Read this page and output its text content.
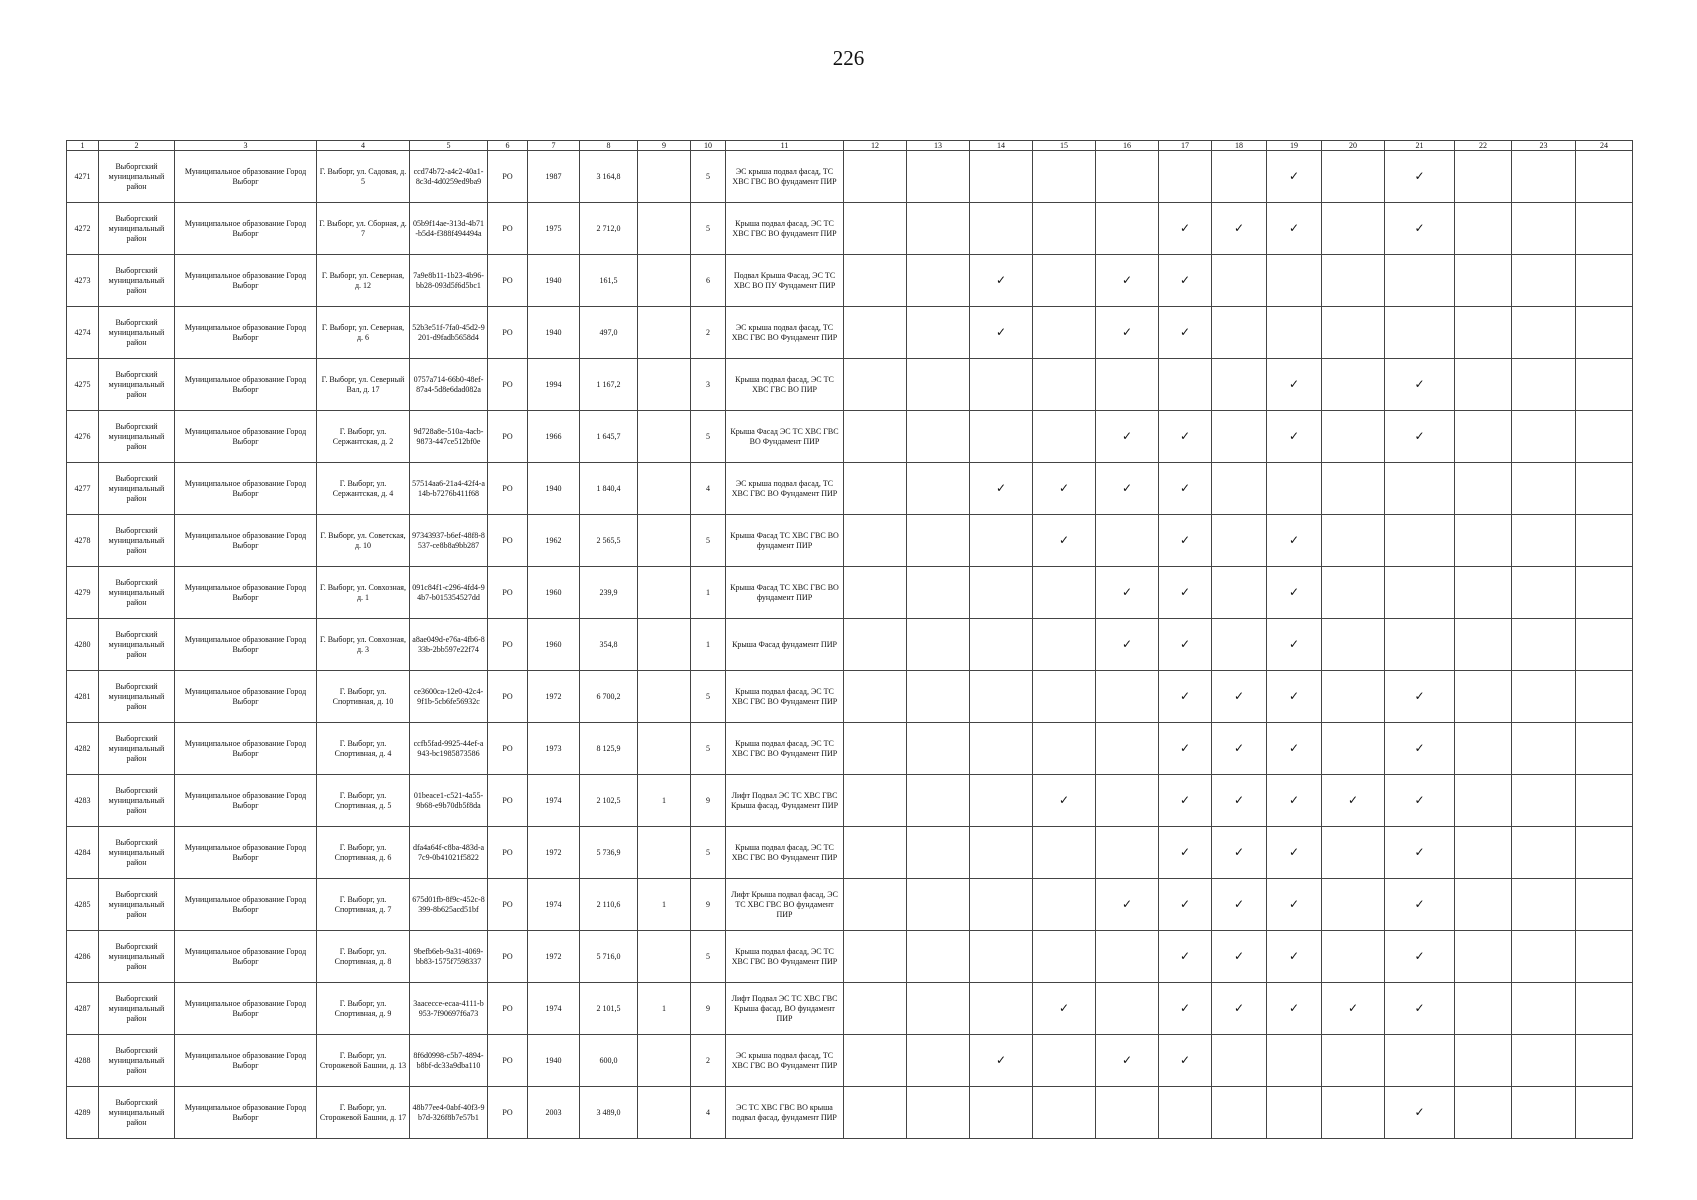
226
1	2	3	4	5	6	7	8	9	10	11	12	13	14	15	16	17	18	19	20	21	22	23	24
4271	Выборгский муниципальный район	Муниципальное образование Город Выборг	Г. Выборг, ул. Садовая, д. 5	ccd74b72-a4c2-40a1-8c3d-4d0259ed9ba9	РО	1987	3 164,8		5	ЭС крыша подвал фасад, ТС ХВС ГВС ВО фундамент ПИР								✓		✓			
4272	Выборгский муниципальный район	Муниципальное образование Город Выборг	Г. Выборг, ул. Сборная, д. 7	05b9f14ae-313d-4b71-b5d4-f388f494494a	РО	1975	2 712,0		5	Крыша подвал фасад, ЭС ТС ХВС ГВС ВО фундамент ПИР						✓	✓	✓		✓			
4273	Выборгский муниципальный район	Муниципальное образование Город Выборг	Г. Выборг, ул. Северная, д. 12	7a9e8b11-1b23-4b96-bb28-093d5f6d5bc1	РО	1940	161,5		6	Подвал Крыша Фасад, ЭС ТС ХВС ВО ПУ Фундамент ПИР			✓		✓	✓							
4274	Выборгский муниципальный район	Муниципальное образование Город Выборг	Г. Выборг, ул. Северная, д. 6	52b3e51f-7fa0-45d2-9201-d9fadb5658d4	РО	1940	497,0		2	ЭС крыша подвал фасад, ТС ХВС ГВС ВО Фундамент ПИР			✓		✓	✓							
4275	Выборгский муниципальный район	Муниципальное образование Город Выборг	Г. Выборг, ул. Северный Вал, д. 17	0757a714-66b0-48ef-87a4-5d8e6dad082a	РО	1994	1 167,2		3	Крыша подвал фасад, ЭС ТС ХВС ГВС ВО ПИР								✓		✓			
4276	Выборгский муниципальный район	Муниципальное образование Город Выборг	Г. Выборг, ул. Сержантская, д. 2	9d728a8e-510a-4acb-9873-447ce512bf0e	РО	1966	1 645,7		5	Крыша Фасад ЭС ТС ХВС ГВС ВО Фундамент ПИР					✓	✓		✓		✓			
4277	Выборгский муниципальный район	Муниципальное образование Город Выборг	Г. Выборг, ул. Сержантская, д. 4	57514aa6-21a4-42f4-a14b-b7276b411f68	РО	1940	1 840,4		4	ЭС крыша подвал фасад, ТС ХВС ГВС ВО Фундамент ПИР			✓	✓	✓	✓							
4278	Выборгский муниципальный район	Муниципальное образование Город Выборг	Г. Выборг, ул. Советская, д. 10	97343937-b6ef-48f8-8537-ce8b8a9bb287	РО	1962	2 565,5		5	Крыша Фасад ТС ХВС ГВС ВО фундамент ПИР				✓		✓		✓					
4279	Выборгский муниципальный район	Муниципальное образование Город Выборг	Г. Выборг, ул. Совхозная, д. 1	091c84f1-c296-4fd4-94b7-b015354527dd	РО	1960	239,9		1	Крыша Фасад ТС ХВС ГВС ВО фундамент ПИР					✓	✓		✓					
4280	Выборгский муниципальный район	Муниципальное образование Город Выборг	Г. Выборг, ул. Совхозная, д. 3	a8ae049d-e76a-4fb6-833b-2bb597e22f74	РО	1960	354,8		1	Крыша Фасад фундамент ПИР					✓	✓		✓					
4281	Выборгский муниципальный район	Муниципальное образование Город Выборг	Г. Выборг, ул. Спортивная, д. 10	ce3600ca-12e0-42c4-9f1b-5cb6fe56932c	РО	1972	6 700,2		5	Крыша подвал фасад, ЭС ТС ХВС ГВС ВО Фундамент ПИР						✓	✓	✓		✓			
4282	Выборгский муниципальный район	Муниципальное образование Город Выборг	Г. Выборг, ул. Спортивная, д. 4	ccfb5fad-9925-44ef-a943-bc1985873586	РО	1973	8 125,9		5	Крыша подвал фасад, ЭС ТС ХВС ГВС ВО Фундамент ПИР						✓	✓	✓		✓			
4283	Выборгский муниципальный район	Муниципальное образование Город Выборг	Г. Выборг, ул. Спортивная, д. 5	01beace1-c521-4a55-9b68-e9b70db5f8da	РО	1974	2 102,5	1	9	Лифт Подвал ЭС ТС ХВС ГВС Крыша фасад, Фундамент ПИР				✓		✓	✓	✓	✓	✓			
4284	Выборгский муниципальный район	Муниципальное образование Город Выборг	Г. Выборг, ул. Спортивная, д. 6	dfa4a64f-c8ba-483d-a7c9-0b41021f5822	РО	1972	5 736,9		5	Крыша подвал фасад, ЭС ТС ХВС ГВС ВО Фундамент ПИР						✓	✓	✓		✓			
4285	Выборгский муниципальный район	Муниципальное образование Город Выборг	Г. Выборг, ул. Спортивная, д. 7	675d01fb-8f9c-452c-8399-8b625acd51bf	РО	1974	2 110,6	1	9	Лифт Крыша подвал фасад, ЭС ТС ХВС ГВС ВО фундамент ПИР					✓	✓	✓	✓		✓			
4286	Выборгский муниципальный район	Муниципальное образование Город Выборг	Г. Выборг, ул. Спортивная, д. 8	9befb6eb-9a31-4069-bb83-1575f7598337	РО	1972	5 716,0		5	Крыша подвал фасад, ЭС ТС ХВС ГВС ВО Фундамент ПИР						✓	✓	✓		✓			
4287	Выборгский муниципальный район	Муниципальное образование Город Выборг	Г. Выборг, ул. Спортивная, д. 9	3aacecce-ecaa-4111-b953-7f90697f6a73	РО	1974	2 101,5	1	9	Лифт Подвал ЭС ТС ХВС ГВС Крыша фасад, ВО фундамент ПИР				✓		✓	✓	✓	✓	✓			
4288	Выборгский муниципальный район	Муниципальное образование Город Выборг	Г. Выборг, ул. Сторожевой Башни, д. 13	8f6d0998-c5b7-4894-b8bf-dc33a9dba110	РО	1940	600,0		2	ЭС крыша подвал фасад, ТС ХВС ГВС ВО Фундамент ПИР			✓		✓	✓							
4289	Выборгский муниципальный район	Муниципальное образование Город Выборг	Г. Выборг, ул. Сторожевой Башни, д. 17	48b77ee4-0abf-40f3-9b7d-326f8b7e57b1	РО	2003	3 489,0		4	ЭС ТС ХВС ГВС ВО крыша подвал фасад, фундамент ПИР										✓			
